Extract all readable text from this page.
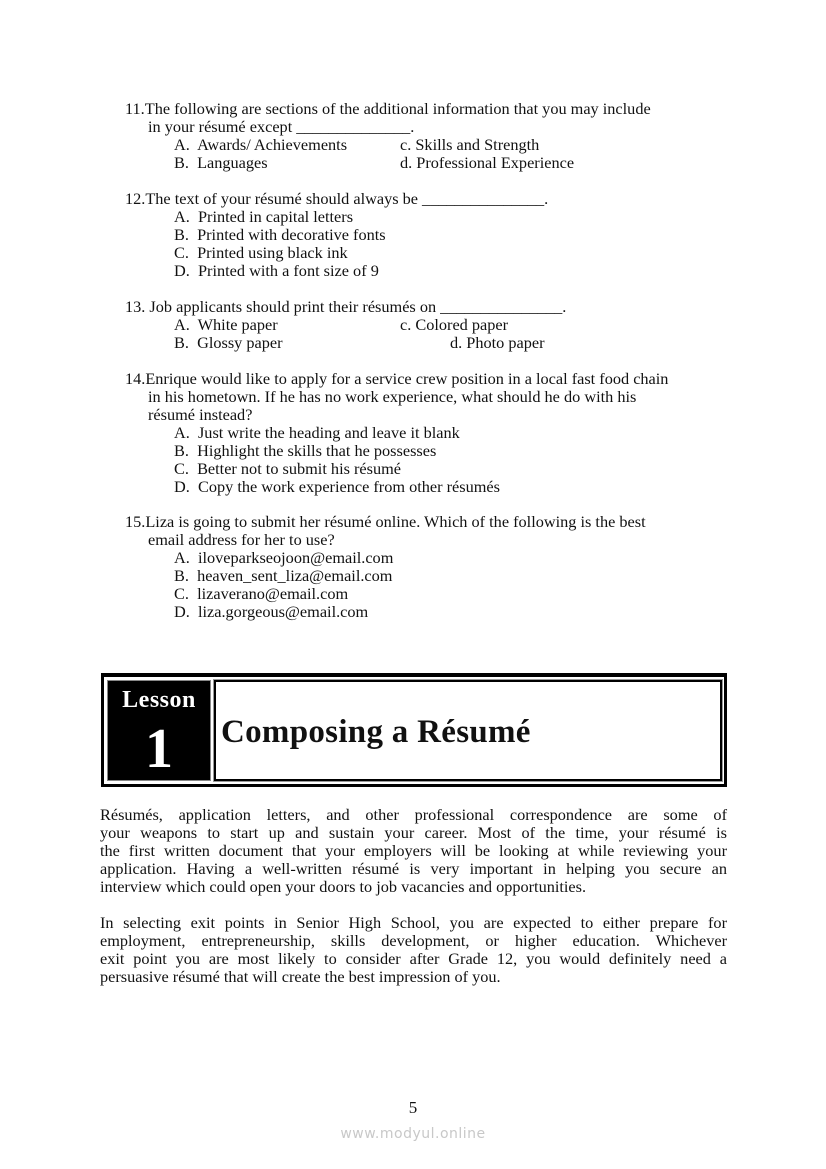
11.The following are sections of the additional information that you may include
in your résumé except ______________.
A.  Awards/ Achievements	c. Skills and Strength
B.  Languages	d. Professional Experience
12.The text of your résumé should always be _______________.
A.  Printed in capital letters
B.  Printed with decorative fonts
C.  Printed using black ink
D.  Printed with a font size of 9
13. Job applicants should print their résumés on _______________.
A.  White paper	c. Colored paper
B.  Glossy paper	d. Photo paper
14.Enrique would like to apply for a service crew position in a local fast food chain
in his hometown. If he has no work experience, what should he do with his
résumé instead?
A.  Just write the heading and leave it blank
B.  Highlight the skills that he possesses
C.  Better not to submit his résumé
D.  Copy the work experience from other résumés
15.Liza is going to submit her résumé online. Which of the following is the best
email address for her to use?
A.  iloveparkseojoon@email.com
B.  heaven_sent_liza@email.com
C.  lizaverano@email.com
D.  liza.gorgeous@email.com
Lesson
1	Composing a Résumé
Résumés, application letters, and other professional correspondence are some of
your weapons to start up and sustain your career. Most of the time, your résumé is
the first written document that your employers will be looking at while reviewing your
application. Having a well-written résumé is very important in helping you secure an
interview which could open your doors to job vacancies and opportunities.
In selecting exit points in Senior High School, you are expected to either prepare for
employment, entrepreneurship, skills development, or higher education. Whichever
exit point you are most likely to consider after Grade 12, you would definitely need a
persuasive résumé that will create the best impression of you.
5
www.modyul.online
